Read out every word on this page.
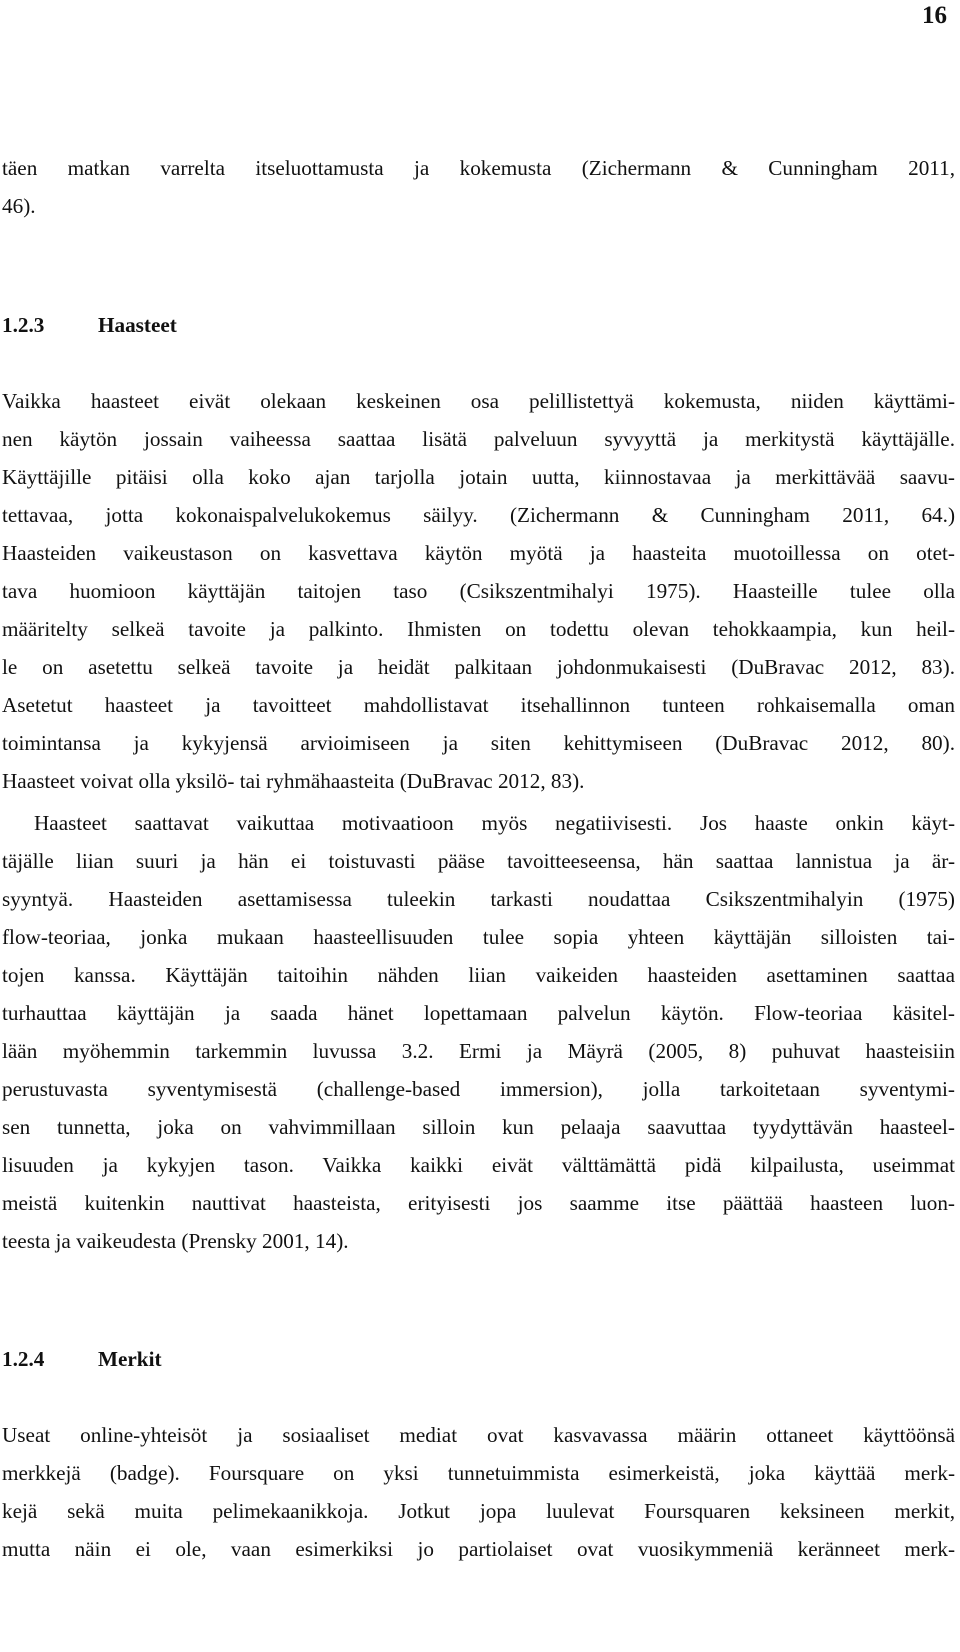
16
täen matkan varrelta itseluottamusta ja kokemusta (Zichermann & Cunningham 2011,
46).
1.2.3	Haasteet
Vaikka haasteet eivät olekaan keskeinen osa pelillistettyä kokemusta, niiden käyttämi-
nen käytön jossain vaiheessa saattaa lisätä palveluun syvyyttä ja merkitystä käyttäjälle.
Käyttäjille pitäisi olla koko ajan tarjolla jotain uutta, kiinnostavaa ja merkittävää saavu-
tettavaa, jotta kokonaispalvelukokemus säilyy. (Zichermann & Cunningham 2011, 64.)
Haasteiden vaikeustason on kasvettava käytön myötä ja haasteita muotoillessa on otet-
tava huomioon käyttäjän taitojen taso (Csikszentmihalyi 1975). Haasteille tulee olla
määritelty selkeä tavoite ja palkinto. Ihmisten on todettu olevan tehokkaampia, kun heil-
le on asetettu selkeä tavoite ja heidät palkitaan johdonmukaisesti (DuBravac 2012, 83).
Asetetut haasteet ja tavoitteet mahdollistavat itsehallinnon tunteen rohkaisemalla oman
toimintansa ja kykyjensä arvioimiseen ja siten kehittymiseen (DuBravac 2012, 80).
Haasteet voivat olla yksilö- tai ryhmähaasteita (DuBravac 2012, 83).
Haasteet saattavat vaikuttaa motivaatioon myös negatiivisesti. Jos haaste onkin käyt-
täjälle liian suuri ja hän ei toistuvasti pääse tavoitteeseensa, hän saattaa lannistua ja är-
syyntyä. Haasteiden asettamisessa tuleekin tarkasti noudattaa Csikszentmihalyin (1975)
flow-teoriaa, jonka mukaan haasteellisuuden tulee sopia yhteen käyttäjän silloisten tai-
tojen kanssa. Käyttäjän taitoihin nähden liian vaikeiden haasteiden asettaminen saattaa
turhauttaa käyttäjän ja saada hänet lopettamaan palvelun käytön. Flow-teoriaa käsitel-
lään myöhemmin tarkemmin luvussa 3.2. Ermi ja Mäyrä (2005, 8) puhuvat haasteisiin
perustuvasta syventymisestä (challenge-based immersion), jolla tarkoitetaan syventymi-
sen tunnetta, joka on vahvimmillaan silloin kun pelaaja saavuttaa tyydyttävän haasteel-
lisuuden ja kykyjen tason. Vaikka kaikki eivät välttämättä pidä kilpailusta, useimmat
meistä kuitenkin nauttivat haasteista, erityisesti jos saamme itse päättää haasteen luon-
teesta ja vaikeudesta (Prensky 2001, 14).
1.2.4	Merkit
Useat online-yhteisöt ja sosiaaliset mediat ovat kasvavassa määrin ottaneet käyttöönsä
merkkejä (badge). Foursquare on yksi tunnetuimmista esimerkeistä, joka käyttää merk-
kejä sekä muita pelimekaanikkoja. Jotkut jopa luulevat Foursquaren keksineen merkit,
mutta näin ei ole, vaan esimerkiksi jo partiolaiset ovat vuosikymmeniä keränneet merk-
